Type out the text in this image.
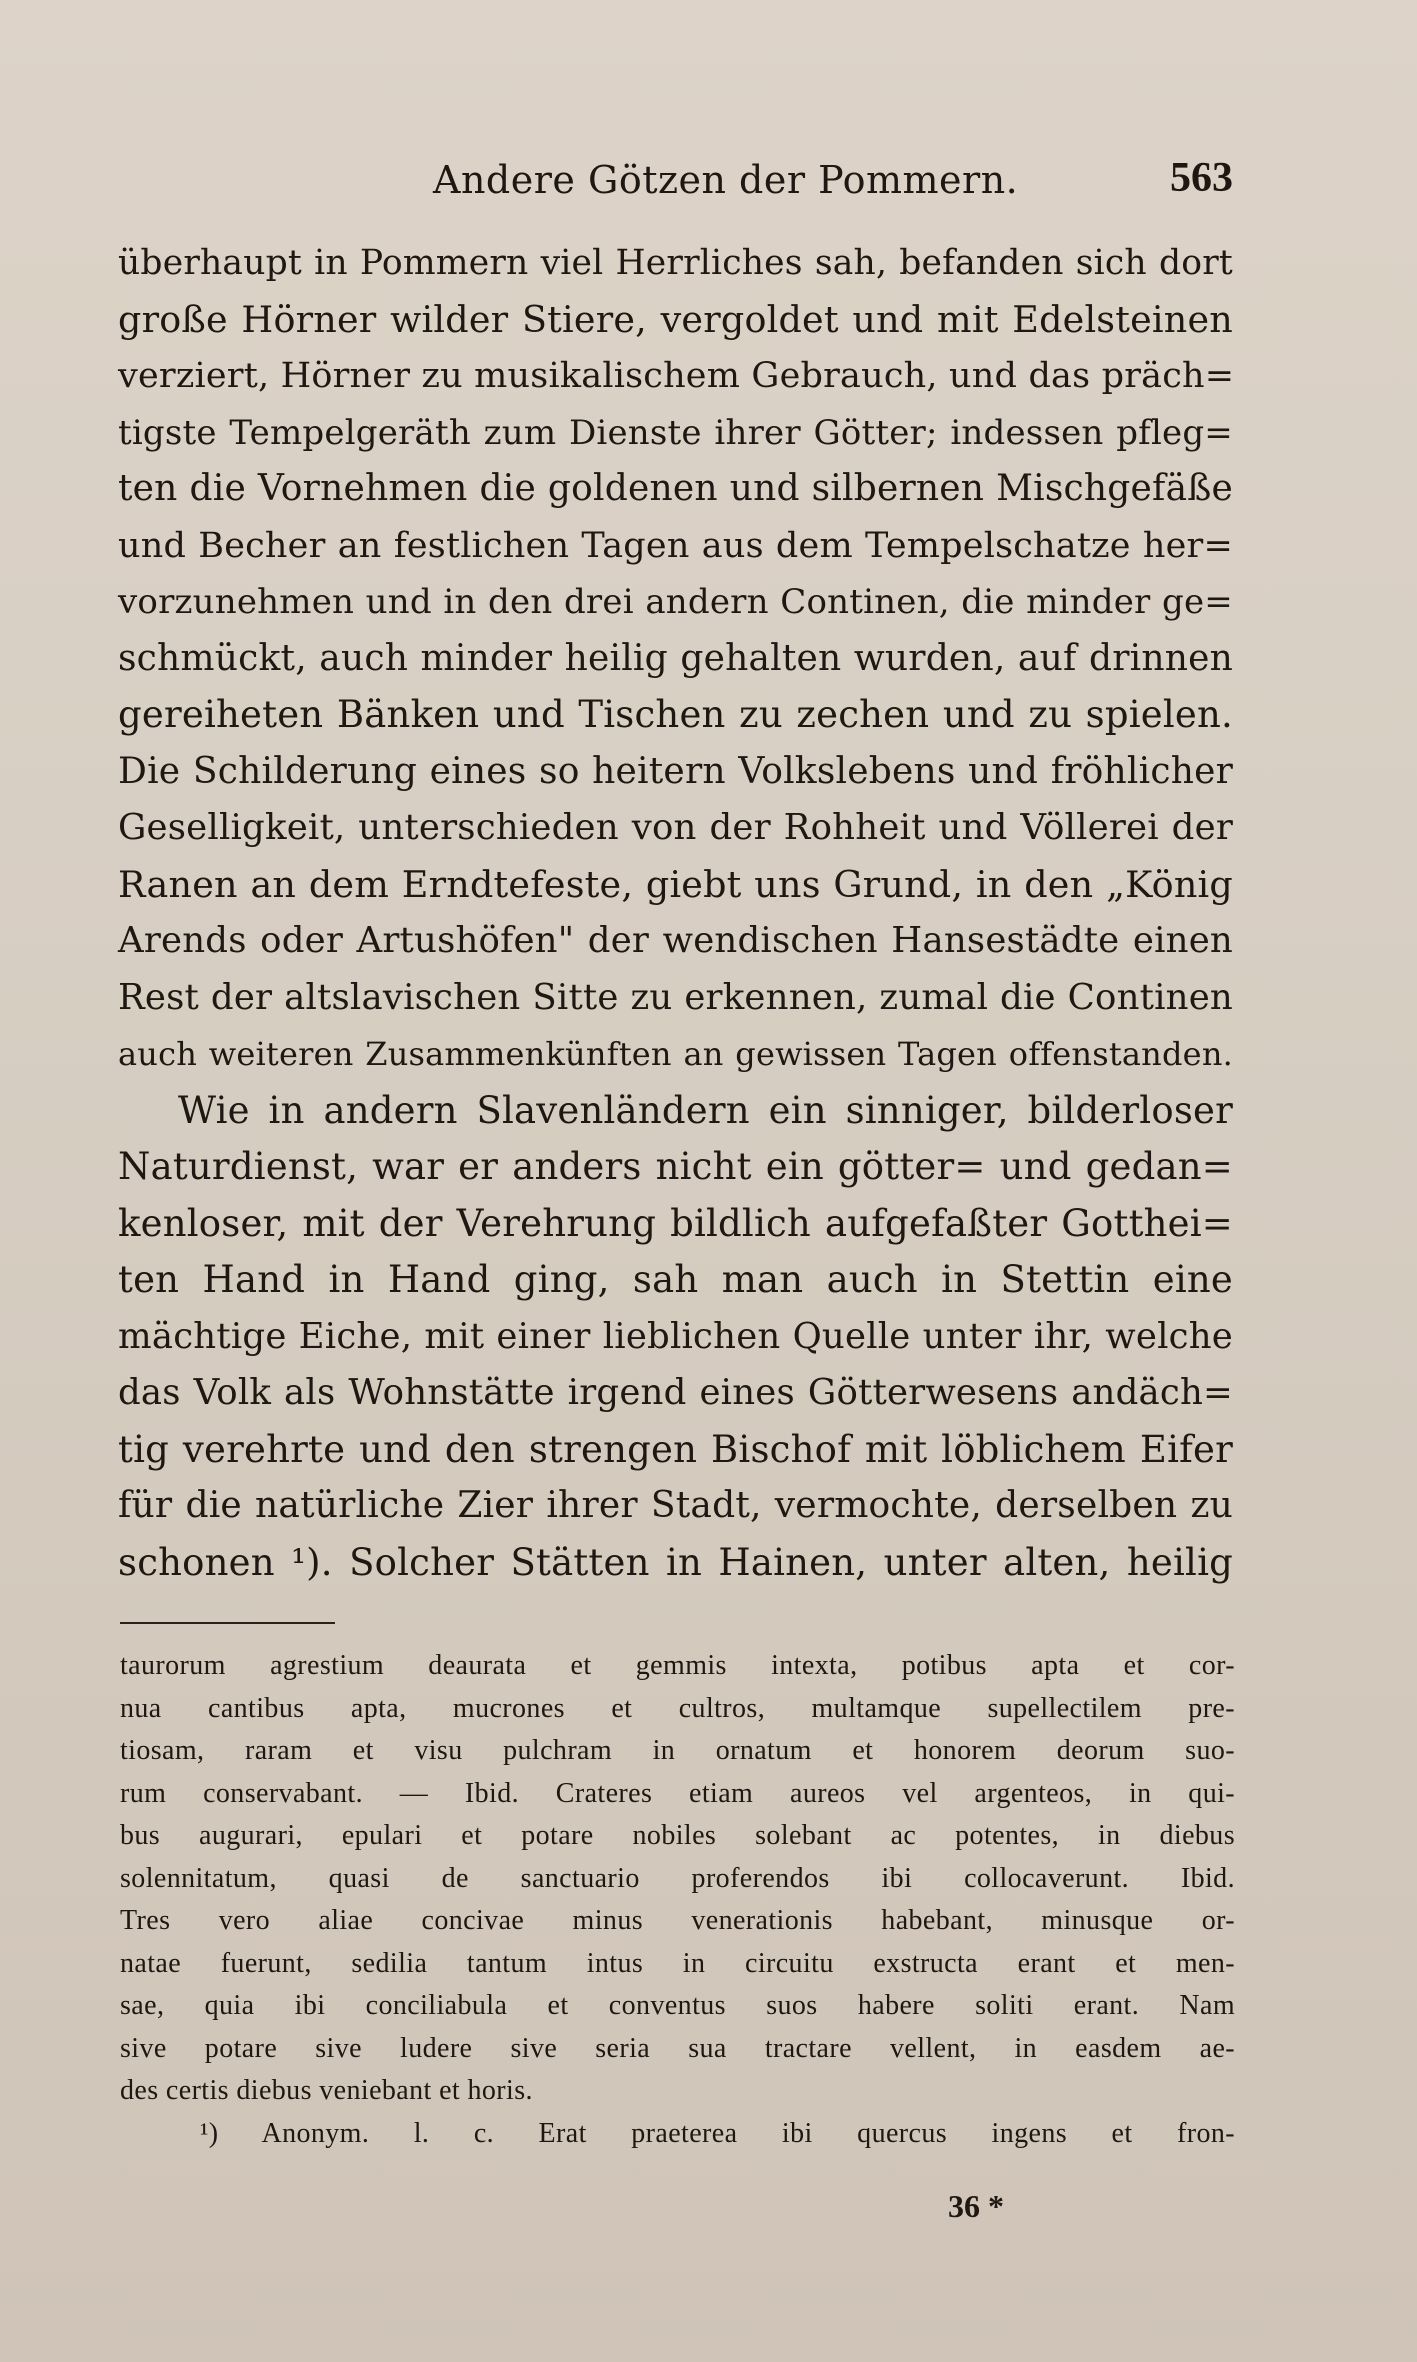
Andere Götzen der Pommern.	563
überhaupt in Pommern viel Herrliches sah, befanden sich dort
große Hörner wilder Stiere, vergoldet und mit Edelsteinen
verziert, Hörner zu musikalischem Gebrauch, und das präch=
tigste Tempelgeräth zum Dienste ihrer Götter; indessen pfleg=
ten die Vornehmen die goldenen und silbernen Mischgefäße
und Becher an festlichen Tagen aus dem Tempelschatze her=
vorzunehmen und in den drei andern Continen, die minder ge=
schmückt, auch minder heilig gehalten wurden, auf drinnen
gereiheten Bänken und Tischen zu zechen und zu spielen.
Die Schilderung eines so heitern Volkslebens und fröhlicher
Geselligkeit, unterschieden von der Rohheit und Völlerei der
Ranen an dem Erndtefeste, giebt uns Grund, in den „König
Arends oder Artushöfen" der wendischen Hansestädte einen
Rest der altslavischen Sitte zu erkennen, zumal die Continen
auch weiteren Zusammenkünften an gewissen Tagen offenstanden.
Wie in andern Slavenländern ein sinniger, bilderloser
Naturdienst, war er anders nicht ein götter= und gedan=
kenloser, mit der Verehrung bildlich aufgefaßter Gotthei=
ten Hand in Hand ging, sah man auch in Stettin eine
mächtige Eiche, mit einer lieblichen Quelle unter ihr, welche
das Volk als Wohnstätte irgend eines Götterwesens andäch=
tig verehrte und den strengen Bischof mit löblichem Eifer
für die natürliche Zier ihrer Stadt, vermochte, derselben zu
schonen ¹). Solcher Stätten in Hainen, unter alten, heilig
taurorum agrestium deaurata et gemmis intexta, potibus apta et cor-
nua cantibus apta, mucrones et cultros, multamque supellectilem pre-
tiosam, raram et visu pulchram in ornatum et honorem deorum suo-
rum conservabant. — Ibid. Crateres etiam aureos vel argenteos, in qui-
bus augurari, epulari et potare nobiles solebant ac potentes, in diebus
solennitatum, quasi de sanctuario proferendos ibi collocaverunt. Ibid.
Tres vero aliae concivae minus venerationis habebant, minusque or-
natae fuerunt, sedilia tantum intus in circuitu exstructa erant et men-
sae, quia ibi conciliabula et conventus suos habere soliti erant. Nam
sive potare sive ludere sive seria sua tractare vellent, in easdem ae-
des certis diebus veniebant et horis.
¹) Anonym. l. c. Erat praeterea ibi quercus ingens et fron-
36 *
